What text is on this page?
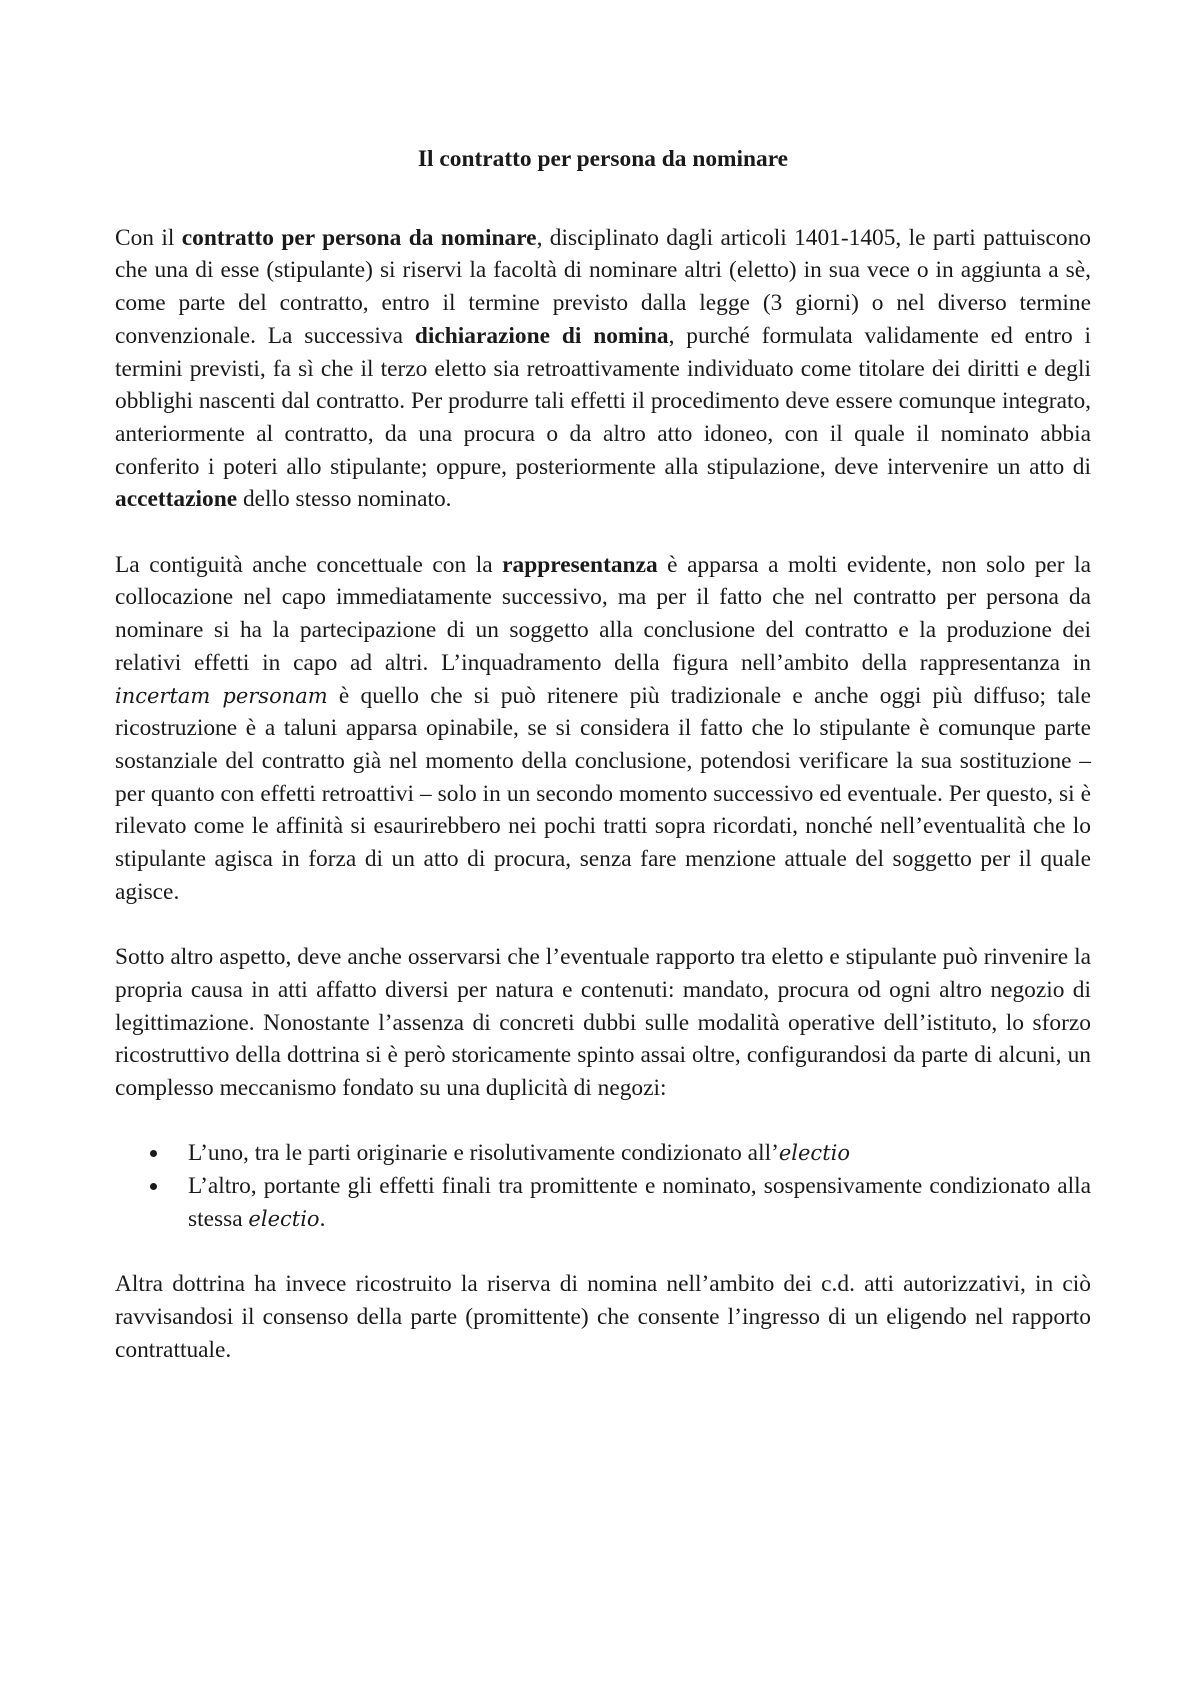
Il contratto per persona da nominare

Con il contratto per persona da nominare, disciplinato dagli articoli 1401-1405, le parti pattuiscono che una di esse (stipulante) si riservi la facoltà di nominare altri (eletto) in sua vece o in aggiunta a sè, come parte del contratto, entro il termine previsto dalla legge (3 giorni) o nel diverso termine convenzionale. La successiva dichiarazione di nomina, purché formulata validamente ed entro i termini previsti, fa sì che il terzo eletto sia retroattivamente individuato come titolare dei diritti e degli obblighi nascenti dal contratto. Per produrre tali effetti il procedimento deve essere comunque integrato, anteriormente al contratto, da una procura o da altro atto idoneo, con il quale il nominato abbia conferito i poteri allo stipulante; oppure, posteriormente alla stipulazione, deve intervenire un atto di accettazione dello stesso nominato.

La contiguità anche concettuale con la rappresentanza è apparsa a molti evidente, non solo per la collocazione nel capo immediatamente successivo, ma per il fatto che nel contratto per persona da nominare si ha la partecipazione di un soggetto alla conclusione del contratto e la produzione dei relativi effetti in capo ad altri. L’inquadramento della figura nell’ambito della rappresentanza in incertam personam è quello che si può ritenere più tradizionale e anche oggi più diffuso; tale ricostruzione è a taluni apparsa opinabile, se si considera il fatto che lo stipulante è comunque parte sostanziale del contratto già nel momento della conclusione, potendosi verificare la sua sostituzione – per quanto con effetti retroattivi – solo in un secondo momento successivo ed eventuale. Per questo, si è rilevato come le affinità si esaurirebbero nei pochi tratti sopra ricordati, nonché nell’eventualità che lo stipulante agisca in forza di un atto di procura, senza fare menzione attuale del soggetto per il quale agisce.

Sotto altro aspetto, deve anche osservarsi che l’eventuale rapporto tra eletto e stipulante può rinvenire la propria causa in atti affatto diversi per natura e contenuti: mandato, procura od ogni altro negozio di legittimazione. Nonostante l’assenza di concreti dubbi sulle modalità operative dell’istituto, lo sforzo ricostruttivo della dottrina si è però storicamente spinto assai oltre, configurandosi da parte di alcuni, un complesso meccanismo fondato su una duplicità di negozi:

L’uno, tra le parti originarie e risolutivamente condizionato all’electio
L’altro, portante gli effetti finali tra promittente e nominato, sospensivamente condizionato alla stessa electio.

Altra dottrina ha invece ricostruito la riserva di nomina nell’ambito dei c.d. atti autorizzativi, in ciò ravvisandosi il consenso della parte (promittente) che consente l’ingresso di un eligendo nel rapporto contrattuale.
